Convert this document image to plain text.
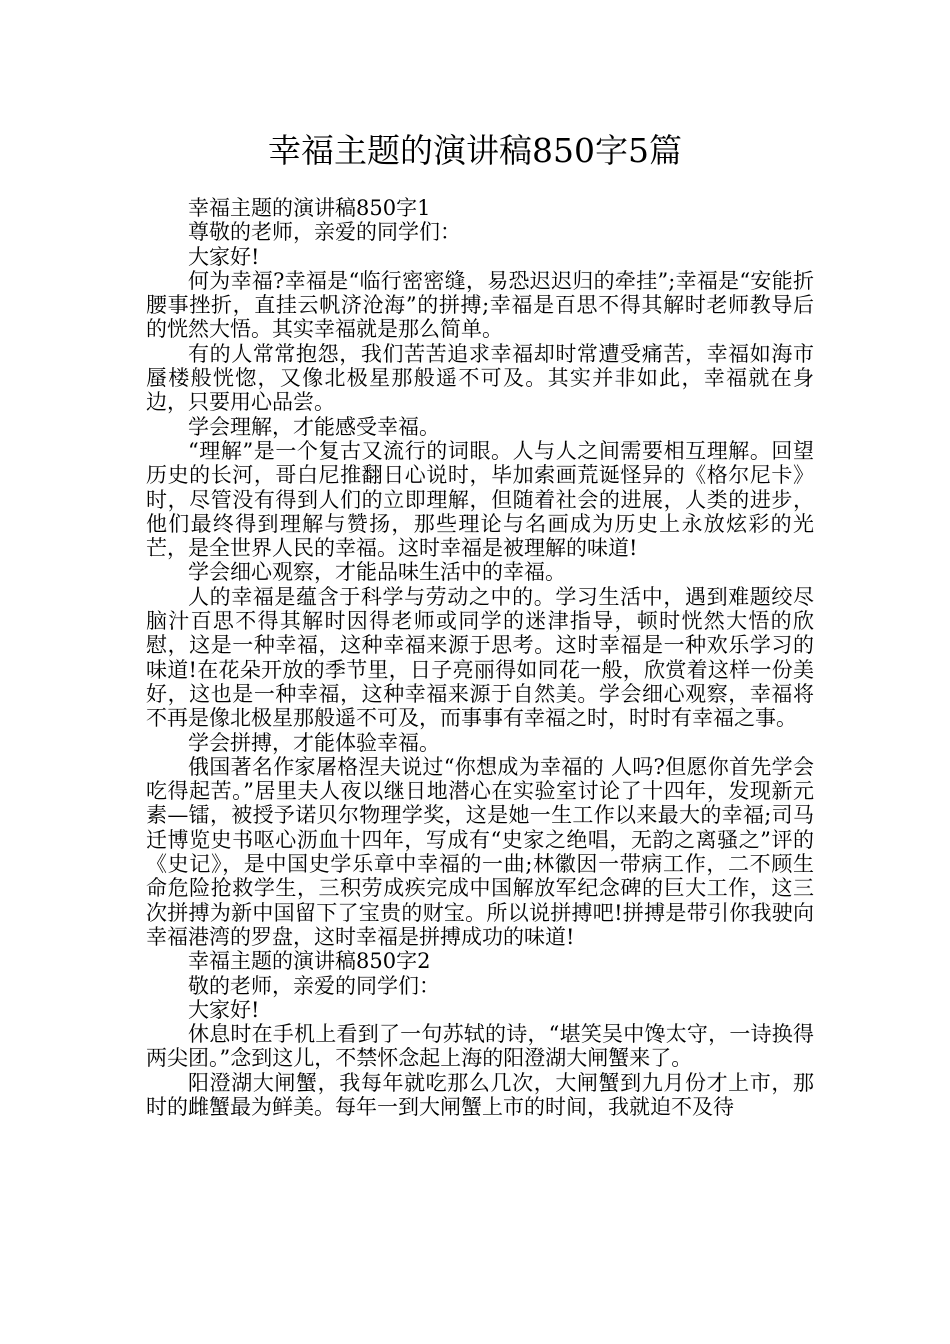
幸福主题的演讲稿850字5篇

幸福主题的演讲稿850字1

尊敬的老师，亲爱的同学们：

大家好!

何为幸福?幸福是“临行密密缝，易恐迟迟归的牵挂”;幸福是“安能折腰事挫折，直挂云帆济沧海”的拼搏;幸福是百思不得其解时老师教导后的恍然大悟。其实幸福就是那么简单。

有的人常常抱怨，我们苦苦追求幸福却时常遭受痛苦，幸福如海市蜃楼般恍惚，又像北极星那般遥不可及。其实并非如此，幸福就在身边，只要用心品尝。

学会理解，才能感受幸福。

“理解”是一个复古又流行的词眼。人与人之间需要相互理解。回望历史的长河，哥白尼推翻日心说时，毕加索画荒诞怪异的《格尔尼卡》时，尽管没有得到人们的立即理解，但随着社会的进展，人类的进步，他们最终得到理解与赞扬，那些理论与名画成为历史上永放炫彩的光芒，是全世界人民的幸福。这时幸福是被理解的味道!

学会细心观察，才能品味生活中的幸福。

人的幸福是蕴含于科学与劳动之中的。学习生活中，遇到难题绞尽脑汁百思不得其解时因得老师或同学的迷津指导，顿时恍然大悟的欣慰，这是一种幸福，这种幸福来源于思考。这时幸福是一种欢乐学习的味道!在花朵开放的季节里，日子亮丽得如同花一般，欣赏着这样一份美好，这也是一种幸福，这种幸福来源于自然美。学会细心观察，幸福将不再是像北极星那般遥不可及，而事事有幸福之时，时时有幸福之事。

学会拼搏，才能体验幸福。

俄国著名作家屠格涅夫说过“你想成为幸福的 人吗?但愿你首先学会吃得起苦。”居里夫人夜以继日地潜心在实验室讨论了十四年，发现新元素—镭，被授予诺贝尔物理学奖，这是她一生工作以来最大的幸福;司马迁博览史书呕心沥血十四年，写成有“史家之绝唱，无韵之离骚之”评的《史记》，是中国史学乐章中幸福的一曲;林徽因一带病工作，二不顾生命危险抢救学生，三积劳成疾完成中国解放军纪念碑的巨大工作，这三次拼搏为新中国留下了宝贵的财宝。所以说拼搏吧!拼搏是带引你我驶向幸福港湾的罗盘，这时幸福是拼搏成功的味道!

幸福主题的演讲稿850字2

敬的老师，亲爱的同学们：

大家好!

休息时在手机上看到了一句苏轼的诗，“堪笑吴中馋太守，一诗换得两尖团。”念到这儿，不禁怀念起上海的阳澄湖大闸蟹来了。

阳澄湖大闸蟹，我每年就吃那么几次，大闸蟹到九月份才上市，那时的雌蟹最为鲜美。每年一到大闸蟹上市的时间，我就迫不及待
